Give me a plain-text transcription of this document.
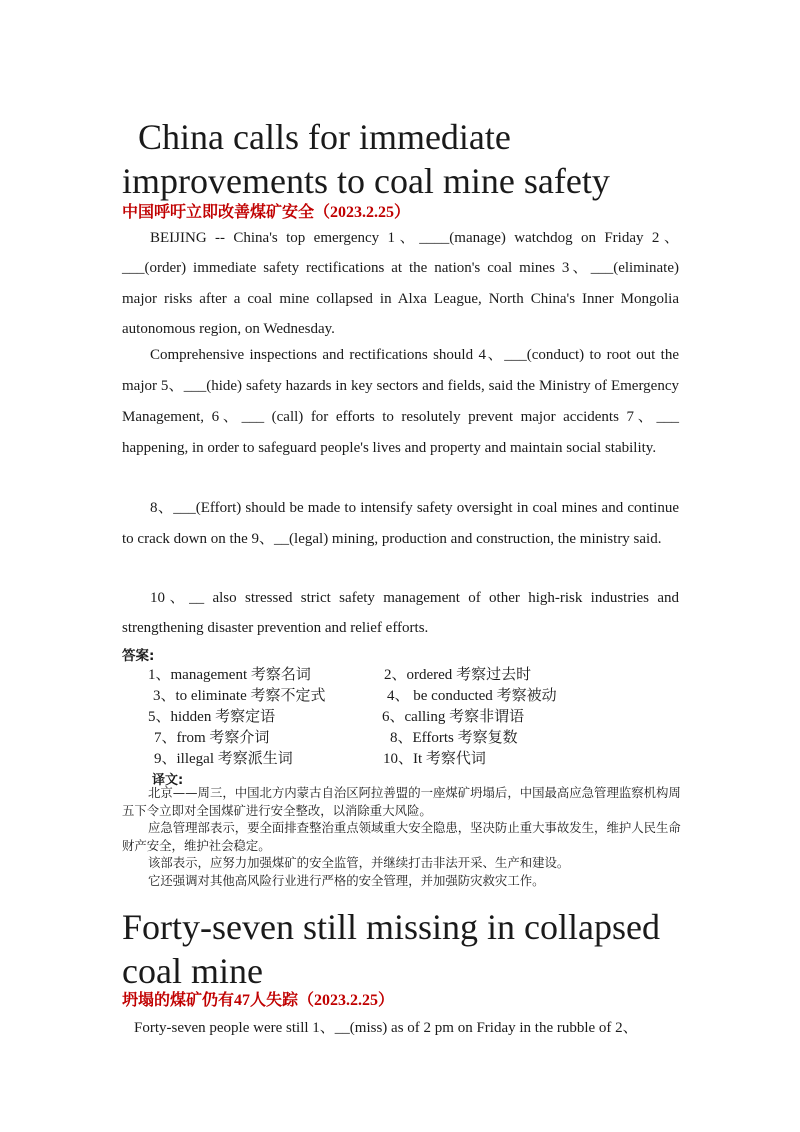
China calls for immediate improvements to coal mine safety
中国呼吁立即改善煤矿安全（2023.2.25）

BEIJING -- China's top emergency 1、____(manage) watchdog on Friday 2、___(order) immediate safety rectifications at the nation's coal mines 3、___(eliminate) major risks after a coal mine collapsed in Alxa League, North China's Inner Mongolia autonomous region, on Wednesday.

Comprehensive inspections and rectifications should 4、___(conduct) to root out the major 5、___(hide) safety hazards in key sectors and fields, said the Ministry of Emergency Management, 6、___ (call) for efforts to resolutely prevent major accidents 7、___ happening, in order to safeguard people's lives and property and maintain social stability.

8、___(Effort) should be made to intensify safety oversight in coal mines and continue to crack down on the 9、__(legal) mining, production and construction, the ministry said.

10、__ also stressed strict safety management of other high-risk industries and strengthening disaster prevention and relief efforts.

答案:
1、management 考察名词	2、ordered 考察过去时
3、to eliminate 考察不定式	4、 be conducted 考察被动
5、hidden 考察定语	6、calling 考察非谓语
7、from 考察介词	8、Efforts 考察复数
9、illegal 考察派生词	10、It 考察代词
译文:

北京——周三，中国北方内蒙古自治区阿拉善盟的一座煤矿坍塌后，中国最高应急管理监察机构周五下令立即对全国煤矿进行安全整改，以消除重大风险。

应急管理部表示，要全面排查整治重点领域重大安全隐患，坚决防止重大事故发生，维护人民生命财产安全，维护社会稳定。

该部表示，应努力加强煤矿的安全监管，并继续打击非法开采、生产和建设。

它还强调对其他高风险行业进行严格的安全管理，并加强防灾救灾工作。

Forty-seven still missing in collapsed coal mine
坍塌的煤矿仍有47人失踪（2023.2.25）

Forty-seven people were still 1、__(miss) as of 2 pm on Friday in the rubble of 2、
